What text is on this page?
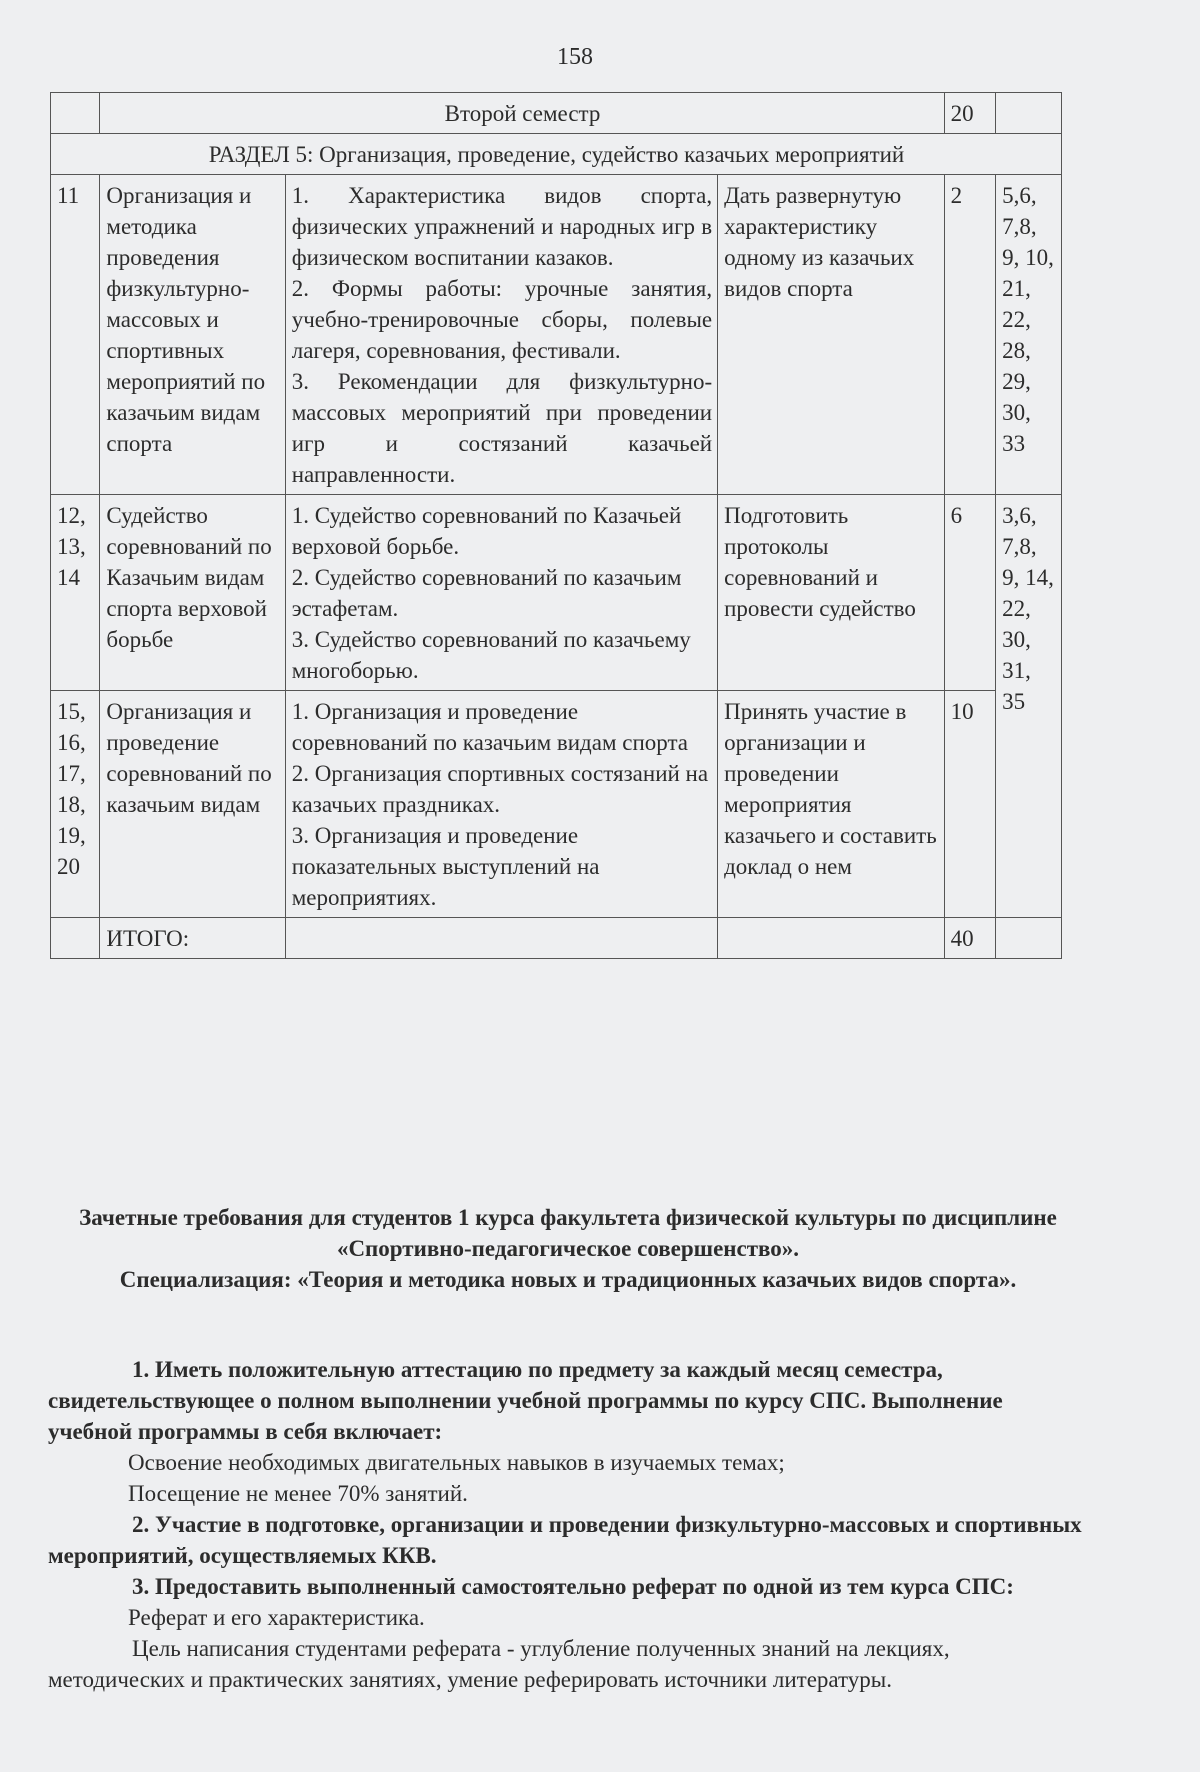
158
	Второй семестр			20	
РАЗДЕЛ 5: Организация, проведение, судейство казачьих мероприятий					
11	Организация и методика проведения физкультурно-массовых и спортивных мероприятий по казачьим видам спорта	1. Характеристика видов спорта, физических упражнений и народных игр в физическом воспитании казаков.
2. Формы работы: урочные занятия, учебно-тренировочные сборы, полевые лагеря, соревнования, фестивали.
3. Рекомендации для физкультурно-массовых мероприятий при проведении игр и состязаний казачьей направленности.	Дать развернутую характеристику одному из казачьих видов спорта	2	5,6, 7,8, 9, 10, 21, 22, 28, 29, 30, 33
12, 13, 14	Судейство соревнований по Казачьим видам спорта верховой борьбе	1. Судейство соревнований по Казачьей верховой борьбе.
2. Судейство соревнований по казачьим эстафетам.
3. Судейство соревнований по казачьему многоборью.	Подготовить протоколы соревнований и провести судейство	6	3,6, 7,8, 9, 14, 22, 30, 31, 35
15, 16, 17, 18, 19, 20	Организация и проведение соревнований по казачьим видам	1. Организация и проведение соревнований по казачьим видам спорта
2. Организация спортивных состязаний на казачьих праздниках.
3. Организация и проведение показательных выступлений на мероприятиях.	Принять участие в организации и проведении мероприятия казачьего и составить доклад о нем	10	
	ИТОГО:			40	

Зачетные требования для студентов 1 курса факультета физической культуры по дисциплине «Спортивно-педагогическое совершенство».

Специализация: «Теория и методика новых и традиционных казачьих видов спорта».

1. Иметь положительную аттестацию по предмету за каждый месяц семестра, свидетельствующее о полном выполнении учебной программы по курсу СПС. Выполнение учебной программы в себя включает:

Освоение необходимых двигательных навыков в изучаемых темах;

Посещение не менее 70% занятий.

2. Участие в подготовке, организации и проведении физкультурно-массовых и спортивных мероприятий, осуществляемых ККВ.

3. Предоставить выполненный самостоятельно реферат по одной из тем курса СПС:

Реферат и его характеристика.

Цель написания студентами реферата - углубление полученных знаний на лекциях, методических и практических занятиях, умение реферировать источники литературы.
